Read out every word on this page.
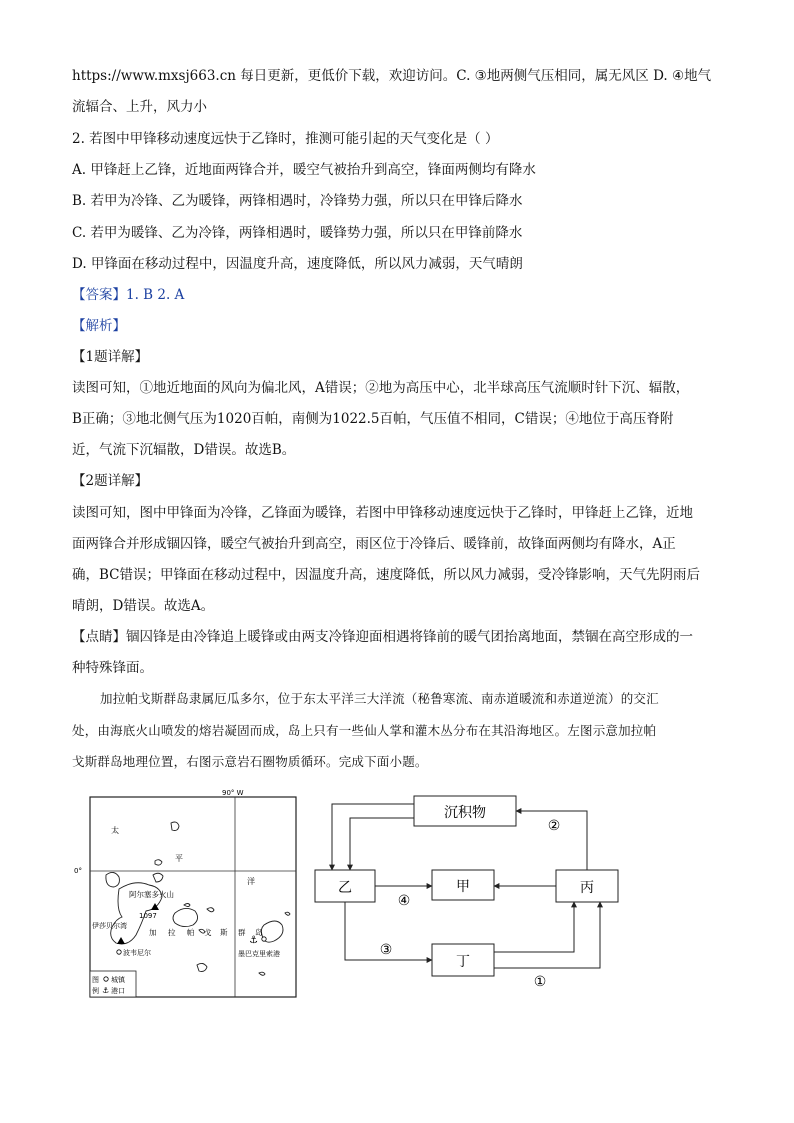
https://www.mxsj663.cn 每日更新，更低价下载，欢迎访问。C. ③地两侧气压相同，属无风区 D. ④地气
流辐合、上升，风力小
2. 若图中甲锋移动速度远快于乙锋时，推测可能引起的天气变化是（ ）
A. 甲锋赶上乙锋，近地面两锋合并，暖空气被抬升到高空，锋面两侧均有降水
B. 若甲为冷锋、乙为暖锋，两锋相遇时，冷锋势力强，所以只在甲锋后降水
C. 若甲为暖锋、乙为冷锋，两锋相遇时，暖锋势力强，所以只在甲锋前降水
D. 甲锋面在移动过程中，因温度升高，速度降低，所以风力减弱，天气晴朗
【答案】1. B 2. A
【解析】
【1题详解】
读图可知，①地近地面的风向为偏北风，A错误；②地为高压中心，北半球高压气流顺时针下沉、辐散，
B正确；③地北侧气压为1020百帕，南侧为1022.5百帕，气压值不相同，C错误；④地位于高压脊附
近，气流下沉辐散，D错误。故选B。
【2题详解】
读图可知，图中甲锋面为冷锋，乙锋面为暖锋，若图中甲锋移动速度远快于乙锋时，甲锋赶上乙锋，近地
面两锋合并形成锢囚锋，暖空气被抬升到高空，雨区位于冷锋后、暖锋前，故锋面两侧均有降水，A正
确，BC错误；甲锋面在移动过程中，因温度升高，速度降低，所以风力减弱，受冷锋影响，天气先阴雨后
晴朗，D错误。故选A。
【点睛】锢囚锋是由冷锋追上暖锋或由两支冷锋迎面相遇将锋前的暖气团抬离地面，禁锢在高空形成的一
种特殊锋面。
加拉帕戈斯群岛隶属厄瓜多尔，位于东太平洋三大洋流（秘鲁寒流、南赤道暖流和赤道逆流）的交汇
处，由海底火山喷发的熔岩凝固而成，岛上只有一些仙人掌和灌木丛分布在其沿海地区。左图示意加拉帕
戈斯群岛地理位置，右图示意岩石圈物质循环。完成下面小题。
90° W
0°
太
平
洋
阿尔塞多火山
1097
伊莎贝尔湾
加 拉 帕 戈 斯 群 岛
波韦尼尔
⚓
墨巴克里索港
图
例
城镇
⚓ 港口
沉积物
乙	甲	丙
丁
②
④
③
①
